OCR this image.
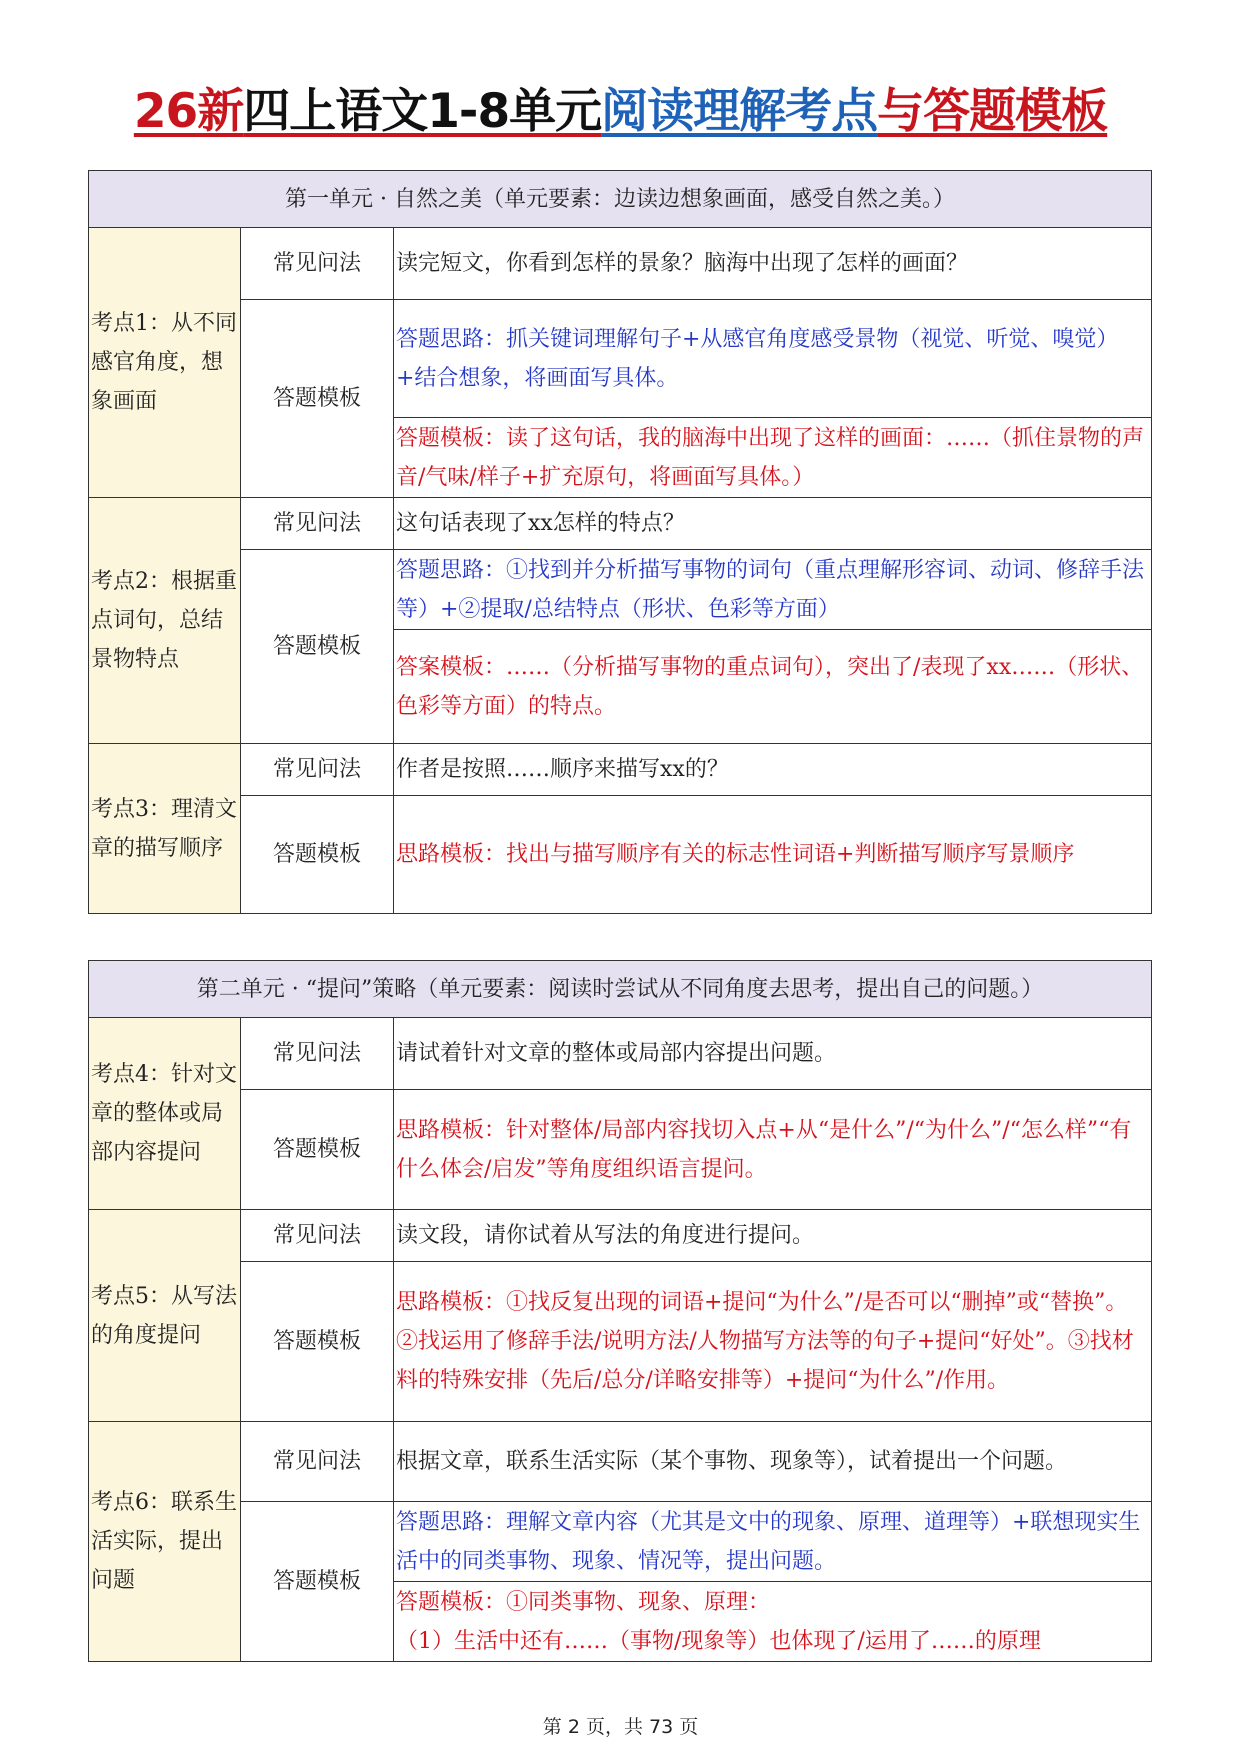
26新四上语文1-8单元阅读理解考点与答题模板
第一单元 · 自然之美（单元要素：边读边想象画面，感受自然之美。）		
考点1：从不同感官角度，想象画面	常见问法	读完短文，你看到怎样的景象？脑海中出现了怎样的画面？
	答题模板	答题思路：抓关键词理解句子+从感官角度感受景物（视觉、听觉、嗅觉）+结合想象，将画面写具体。
		答题模板：读了这句话，我的脑海中出现了这样的画面：……（抓住景物的声音/气味/样子+扩充原句，将画面写具体。）
考点2：根据重点词句，总结景物特点	常见问法	这句话表现了xx怎样的特点？
	答题模板	答题思路：①找到并分析描写事物的词句（重点理解形容词、动词、修辞手法等）+②提取/总结特点（形状、色彩等方面）
		答案模板：……（分析描写事物的重点词句），突出了/表现了xx……（形状、色彩等方面）的特点。
考点3：理清文章的描写顺序	常见问法	作者是按照……顺序来描写xx的？
	答题模板	思路模板：找出与描写顺序有关的标志性词语+判断描写顺序写景顺序
第二单元 · “提问”策略（单元要素：阅读时尝试从不同角度去思考，提出自己的问题。）		
考点4：针对文章的整体或局部内容提问	常见问法	请试着针对文章的整体或局部内容提出问题。
	答题模板	思路模板：针对整体/局部内容找切入点+从“是什么”/“为什么”/“怎么样”“有什么体会/启发”等角度组织语言提问。
考点5：从写法的角度提问	常见问法	读文段，请你试着从写法的角度进行提问。
	答题模板	思路模板：①找反复出现的词语+提问“为什么”/是否可以“删掉”或“替换”。②找运用了修辞手法/说明方法/人物描写方法等的句子+提问“好处”。③找材料的特殊安排（先后/总分/详略安排等）+提问“为什么”/作用。
考点6：联系生活实际，提出问题	常见问法	根据文章，联系生活实际（某个事物、现象等），试着提出一个问题。
	答题模板	答题思路：理解文章内容（尤其是文中的现象、原理、道理等）+联想现实生活中的同类事物、现象、情况等，提出问题。

		答题模板：①同类事物、现象、原理：
（1）生活中还有……（事物/现象等）也体现了/运用了……的原理
第 2 页，共 73 页
